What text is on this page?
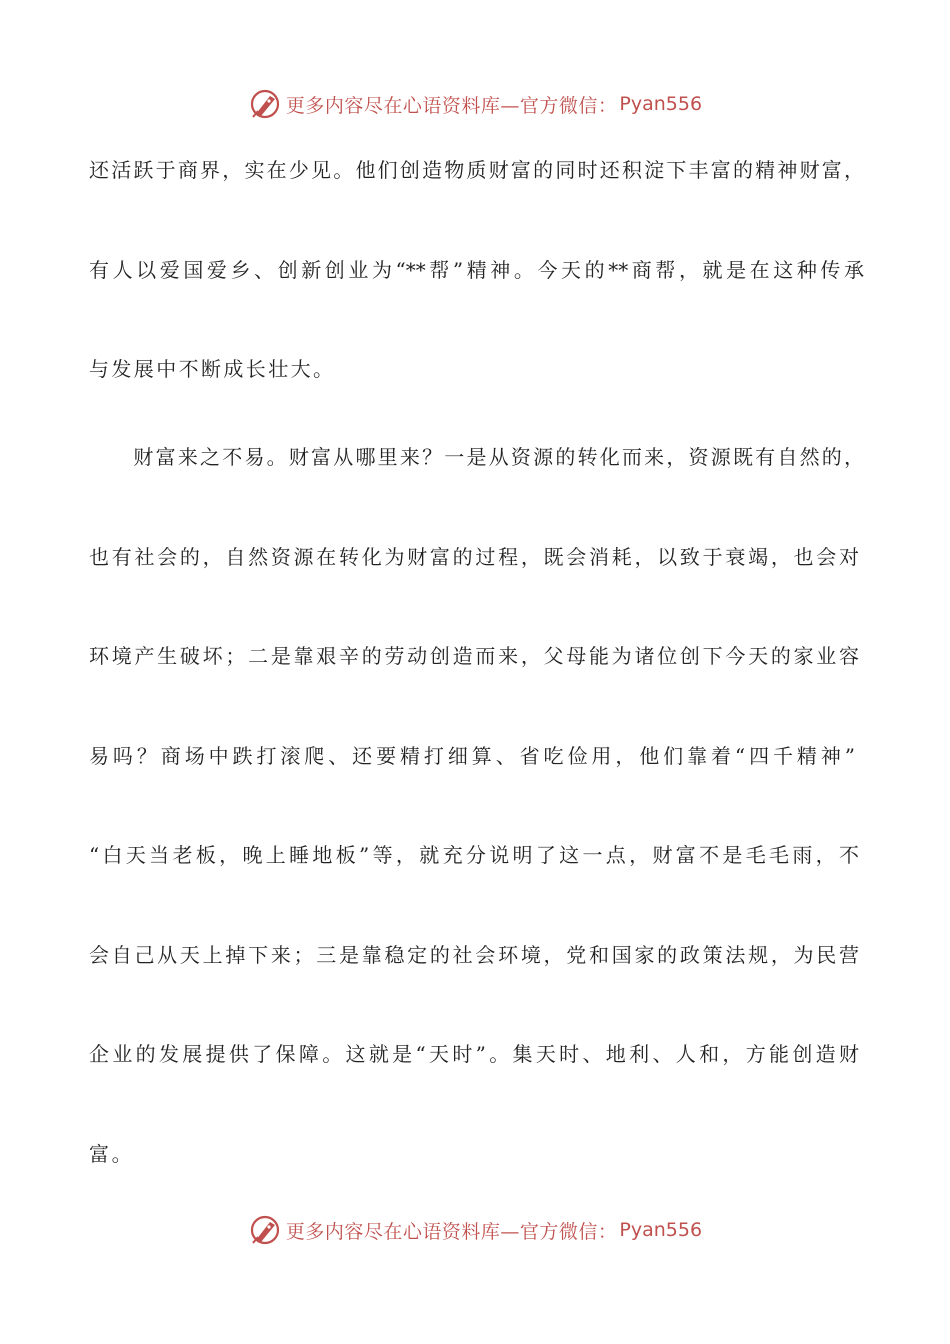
更多内容尽在心语资料库—官方微信： Pyan556
还活跃于商界，实在少见。他们创造物质财富的同时还积淀下丰富的精神财富，
有人以爱国爱乡、创新创业为“**帮”精神。今天的**商帮，就是在这种传承
与发展中不断成长壮大。
　　财富来之不易。财富从哪里来？一是从资源的转化而来，资源既有自然的，
也有社会的，自然资源在转化为财富的过程，既会消耗，以致于衰竭，也会对
环境产生破坏；二是靠艰辛的劳动创造而来，父母能为诸位创下今天的家业容
易吗？商场中跌打滚爬、还要精打细算、省吃俭用，他们靠着“四千精神”
“白天当老板，晚上睡地板”等，就充分说明了这一点，财富不是毛毛雨，不
会自己从天上掉下来；三是靠稳定的社会环境，党和国家的政策法规，为民营
企业的发展提供了保障。这就是“天时”。集天时、地利、人和，方能创造财
富。
更多内容尽在心语资料库—官方微信： Pyan556
